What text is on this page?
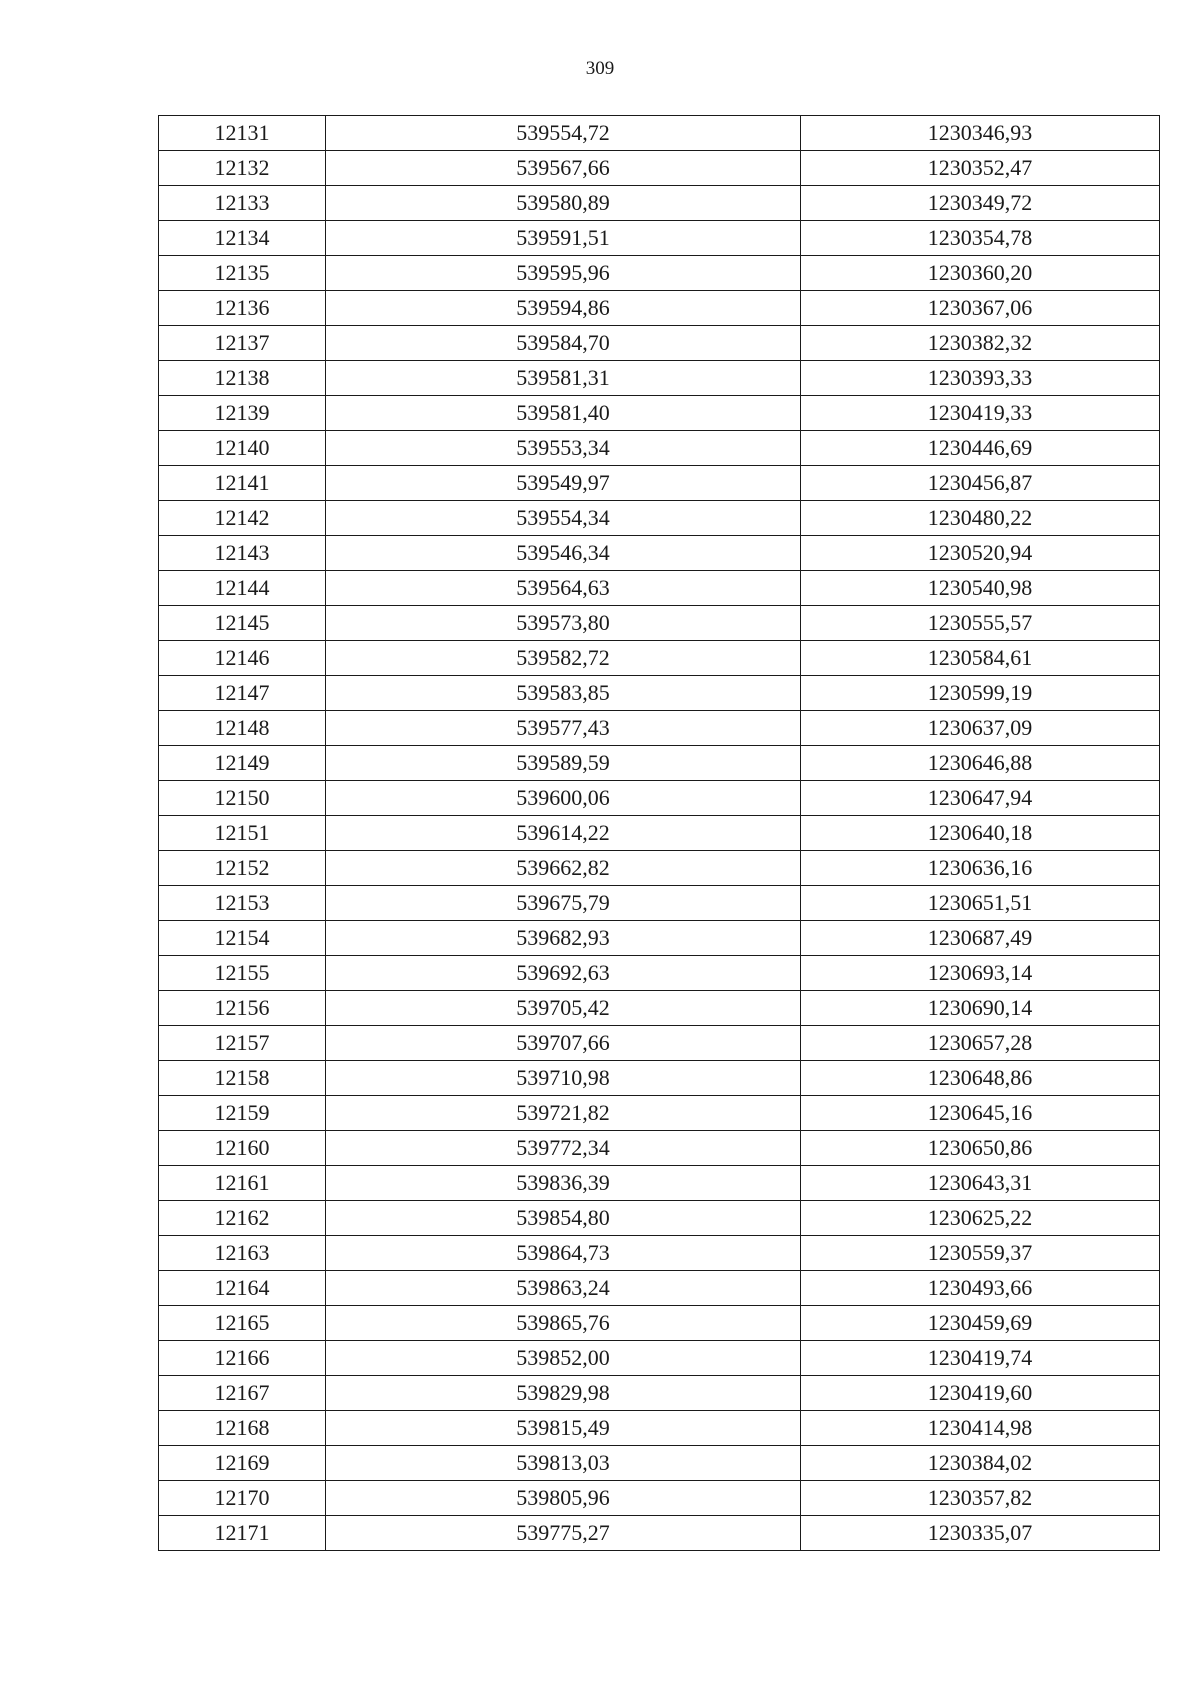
309
12131	539554,72	1230346,93
12132	539567,66	1230352,47
12133	539580,89	1230349,72
12134	539591,51	1230354,78
12135	539595,96	1230360,20
12136	539594,86	1230367,06
12137	539584,70	1230382,32
12138	539581,31	1230393,33
12139	539581,40	1230419,33
12140	539553,34	1230446,69
12141	539549,97	1230456,87
12142	539554,34	1230480,22
12143	539546,34	1230520,94
12144	539564,63	1230540,98
12145	539573,80	1230555,57
12146	539582,72	1230584,61
12147	539583,85	1230599,19
12148	539577,43	1230637,09
12149	539589,59	1230646,88
12150	539600,06	1230647,94
12151	539614,22	1230640,18
12152	539662,82	1230636,16
12153	539675,79	1230651,51
12154	539682,93	1230687,49
12155	539692,63	1230693,14
12156	539705,42	1230690,14
12157	539707,66	1230657,28
12158	539710,98	1230648,86
12159	539721,82	1230645,16
12160	539772,34	1230650,86
12161	539836,39	1230643,31
12162	539854,80	1230625,22
12163	539864,73	1230559,37
12164	539863,24	1230493,66
12165	539865,76	1230459,69
12166	539852,00	1230419,74
12167	539829,98	1230419,60
12168	539815,49	1230414,98
12169	539813,03	1230384,02
12170	539805,96	1230357,82
12171	539775,27	1230335,07
